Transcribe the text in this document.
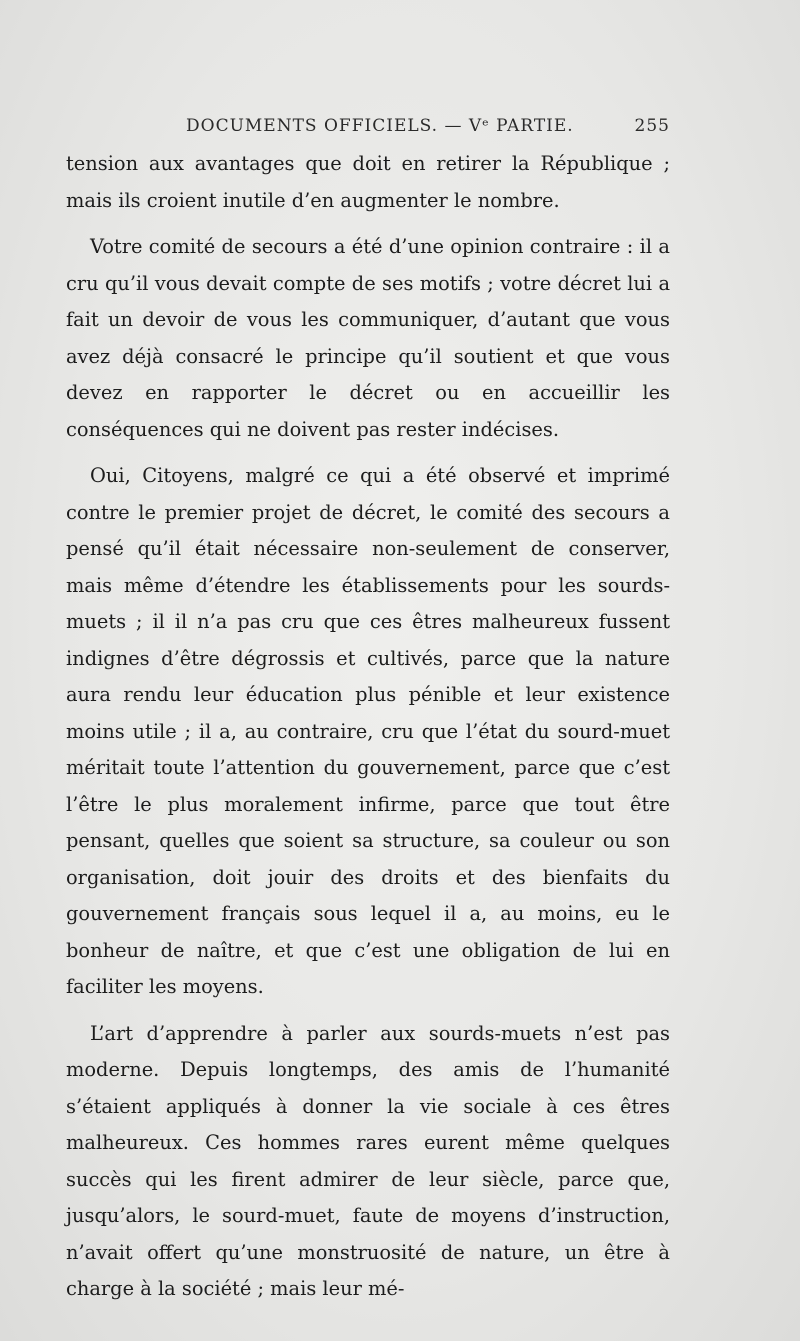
DOCUMENTS OFFICIELS. — Vᵉ PARTIE.	255

tension aux avantages que doit en retirer la République ; mais ils croient inutile d’en augmenter le nombre.

Votre comité de secours a été d’une opinion contraire : il a cru qu’il vous devait compte de ses motifs ; votre décret lui a fait un devoir de vous les communiquer, d’autant que vous avez déjà consacré le principe qu’il soutient et que vous devez en rapporter le décret ou en accueillir les conséquences qui ne doivent pas rester indécises.

Oui, Citoyens, malgré ce qui a été observé et imprimé contre le premier projet de décret, le comité des secours a pensé qu’il était nécessaire non-seulement de conserver, mais même d’étendre les établissements pour les sourds-muets ; il il n’a pas cru que ces êtres malheureux fussent indignes d’être dégrossis et cultivés, parce que la nature aura rendu leur éducation plus pénible et leur existence moins utile ; il a, au contraire, cru que l’état du sourd-muet méritait toute l’attention du gouvernement, parce que c’est l’être le plus moralement infirme, parce que tout être pensant, quelles que soient sa structure, sa couleur ou son organisation, doit jouir des droits et des bienfaits du gouvernement français sous lequel il a, au moins, eu le bonheur de naître, et que c’est une obligation de lui en faciliter les moyens.

L’art d’apprendre à parler aux sourds-muets n’est pas moderne. Depuis longtemps, des amis de l’humanité s’étaient appliqués à donner la vie sociale à ces êtres malheureux. Ces hommes rares eurent même quelques succès qui les firent admirer de leur siècle, parce que, jusqu’alors, le sourd-muet, faute de moyens d’instruction, n’avait offert qu’une monstruosité de nature, un être à charge à la société ; mais leur mé-
